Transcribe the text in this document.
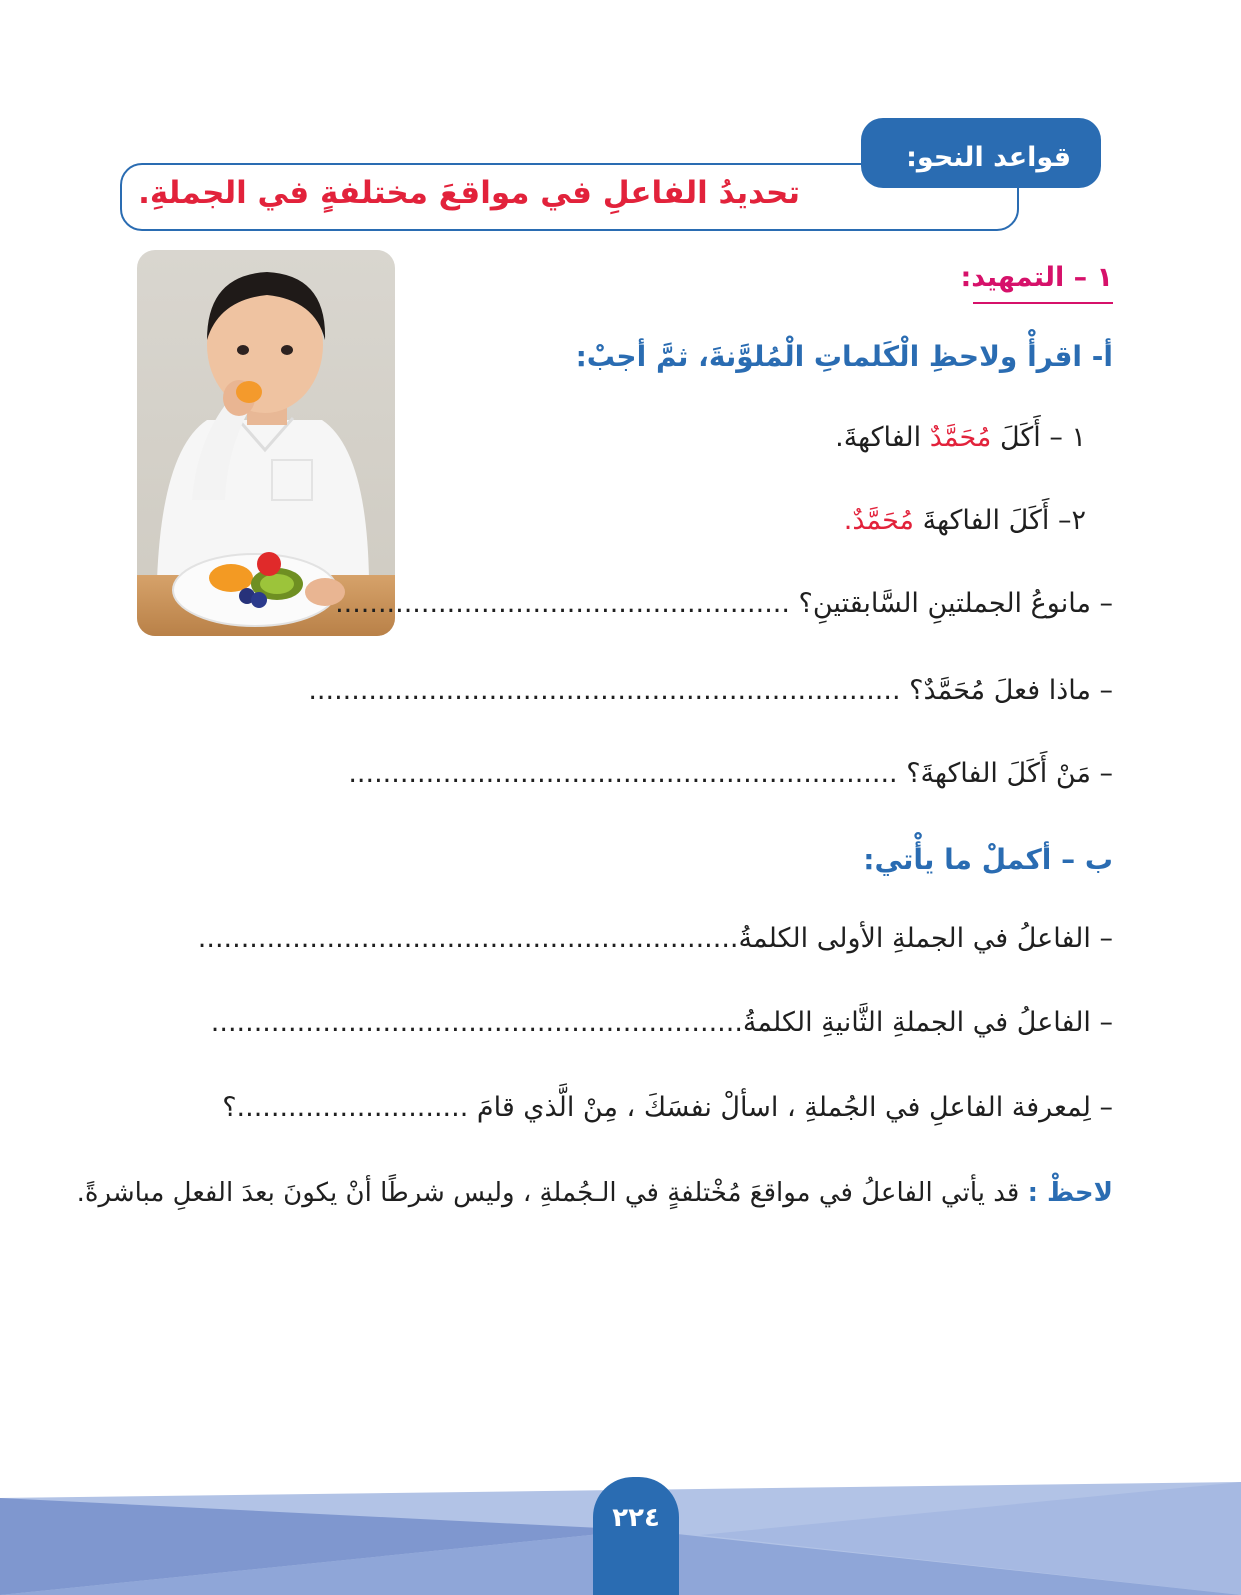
قواعد النحو:
تحديدُ الفاعلِ في مواقعَ مختلفةٍ في الجملةِ.
١ – التمهيد:
أ- اقرأْ ولاحظِ الْكَلماتِ الْمُلوَّنةَ، ثمَّ أجبْ:
١ – أَكَلَ مُحَمَّدٌ الفاكهةَ.
٢– أَكَلَ الفاكهةَ مُحَمَّدٌ.
– مانوعُ الجملتينِ السَّابقتينِ؟ .....................................................
– ماذا فعلَ مُحَمَّدٌ؟ .....................................................................
– مَنْ أَكَلَ الفاكهةَ؟ ................................................................
ب – أكملْ ما يأْتي:
– الفاعلُ في الجملةِ الأولى الكلمةُ...............................................................
– الفاعلُ في الجملةِ الثَّانيةِ الكلمةُ..............................................................
– لِمعرفة الفاعلِ في الجُملةِ ، اسألْ نفسَكَ ، مِنْ الَّذي قامَ ...........................؟
لاحظْ : قد يأتي الفاعلُ في مواقعَ مُخْتلفةٍ في الـجُملةِ ، وليس شرطًا أنْ يكونَ بعدَ الفعلِ مباشرةً.
٢٢٤
